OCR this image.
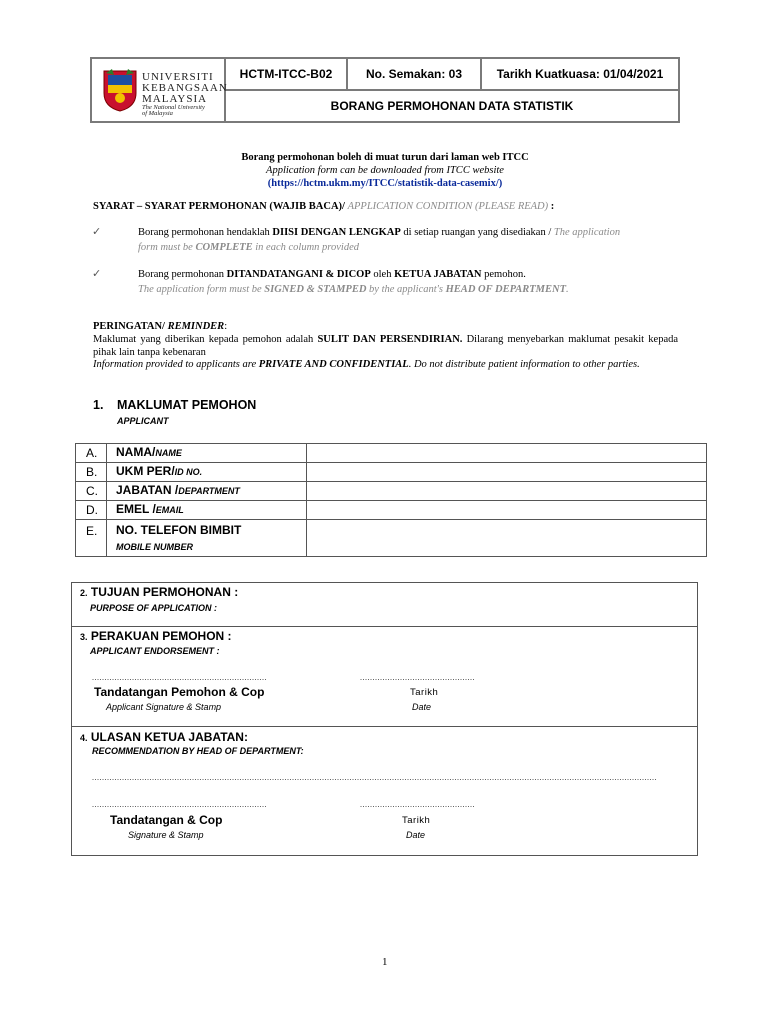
UNIVERSITI
KEBANGSAAN
MALAYSIA
The National University
of Malaysia
HCTM-ITCC-B02	No. Semakan: 03	Tarikh Kuatkuasa: 01/04/2021
BORANG PERMOHONAN DATA STATISTIK
Borang permohonan boleh di muat turun dari laman web ITCC
Application form can be downloaded from ITCC website
(https://hctm.ukm.my/ITCC/statistik-data-casemix/)
SYARAT – SYARAT PERMOHONAN (WAJIB BACA)/ APPLICATION CONDITION (PLEASE READ) :
✓	Borang permohonan hendaklah DIISI DENGAN LENGKAP di setiap ruangan yang disediakan / The application
form must be COMPLETE in each column provided
✓	Borang permohonan DITANDATANGANI & DICOP oleh KETUA JABATAN pemohon.
The application form must be SIGNED & STAMPED by the applicant's HEAD OF DEPARTMENT.
PERINGATAN/ REMINDER:
Maklumat yang diberikan kepada pemohon adalah SULIT DAN PERSENDIRIAN. Dilarang menyebarkan maklumat pesakit kepada pihak lain tanpa kebenaran
Information provided to applicants are PRIVATE AND CONFIDENTIAL. Do not distribute patient information to other parties.
1. MAKLUMAT PEMOHON
APPLICANT
A. NAMA/NAME
B. UKM PER/ID NO.
C. JABATAN /DEPARTMENT
D. EMEL /EMAIL
E. NO. TELEFON BIMBIT
MOBILE NUMBER
2. TUJUAN PERMOHONAN :
PURPOSE OF APPLICATION :
3. PERAKUAN PEMOHON :
APPLICANT ENDORSEMENT :
......................................................................	..............................................
Tandatangan Pemohon & Cop
Applicant Signature & Stamp
Tarikh
Date
4. ULASAN KETUA JABATAN:
RECOMMENDATION BY HEAD OF DEPARTMENT:
..................................................................................................................................................................................................................................
......................................................................	..............................................
Tandatangan & Cop
Signature & Stamp
Tarikh
Date
1
